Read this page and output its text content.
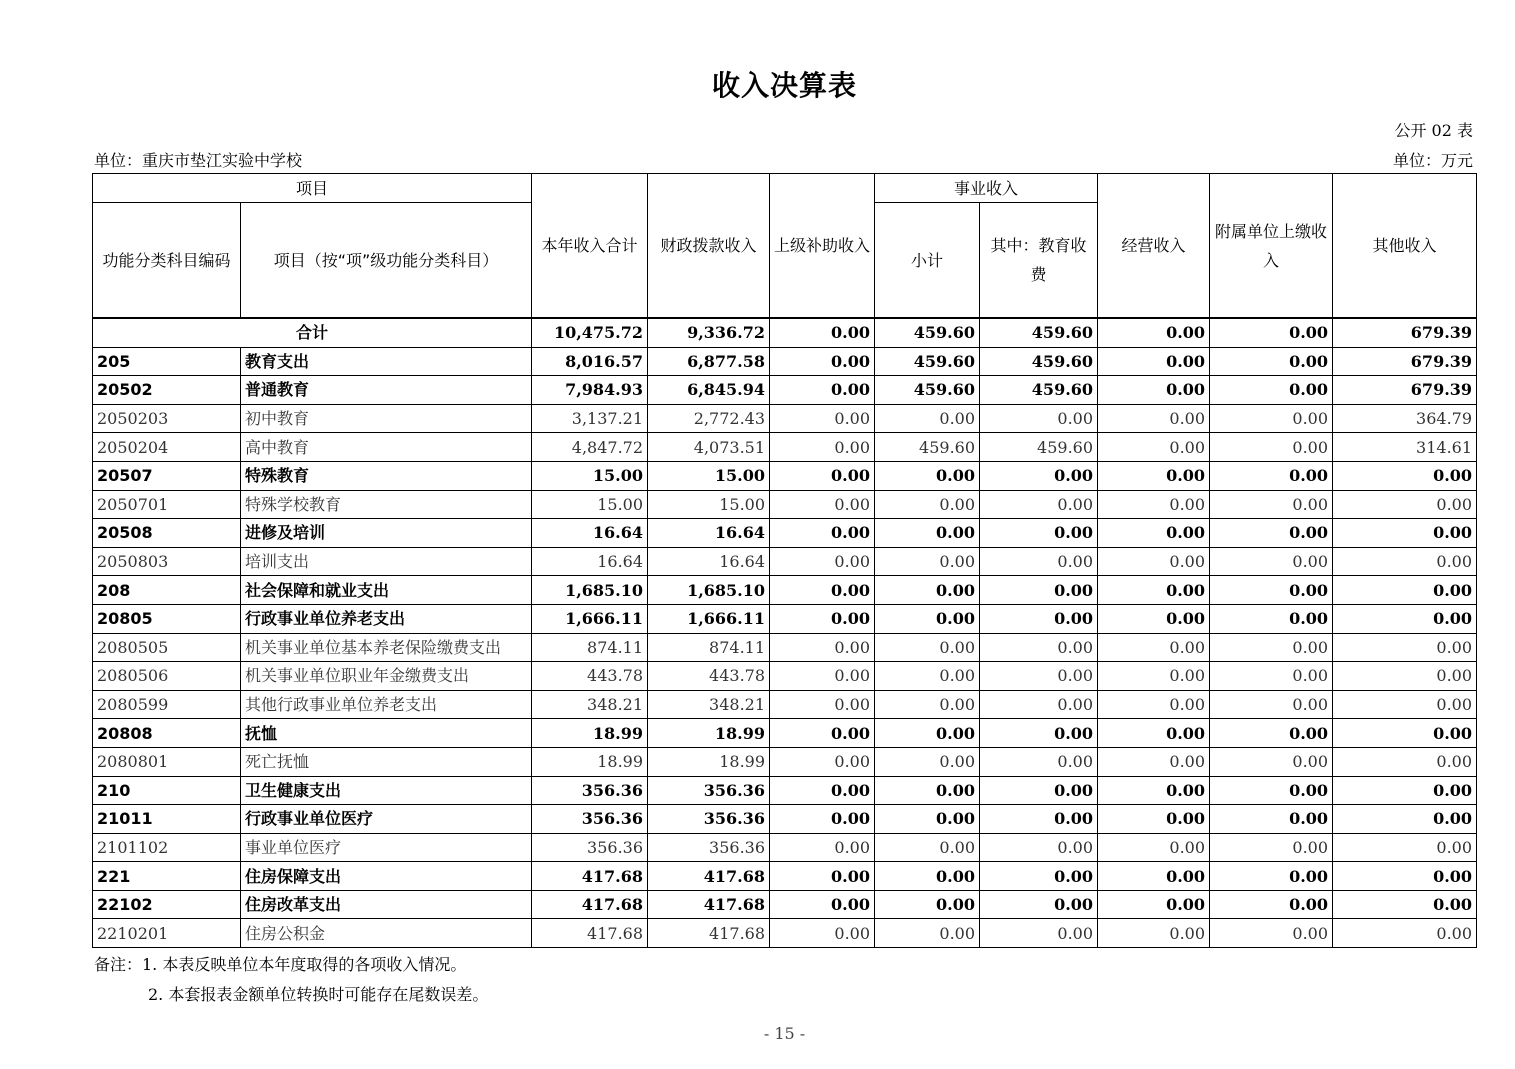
收入决算表
公开 02 表
单位：重庆市垫江实验中学校	单位：万元
项目		本年收入合计	财政拨款收入	上级补助收入	事业收入		经营收入	附属单位上缴收入	其他收入
功能分类科目编码	项目（按“项”级功能分类科目）				小计	其中：教育收费			
合计		10,475.72	9,336.72	0.00	459.60	459.60	0.00	0.00	679.39
205	教育支出	8,016.57	6,877.58	0.00	459.60	459.60	0.00	0.00	679.39
20502	普通教育	7,984.93	6,845.94	0.00	459.60	459.60	0.00	0.00	679.39
2050203	初中教育	3,137.21	2,772.43	0.00	0.00	0.00	0.00	0.00	364.79
2050204	高中教育	4,847.72	4,073.51	0.00	459.60	459.60	0.00	0.00	314.61
20507	特殊教育	15.00	15.00	0.00	0.00	0.00	0.00	0.00	0.00
2050701	特殊学校教育	15.00	15.00	0.00	0.00	0.00	0.00	0.00	0.00
20508	进修及培训	16.64	16.64	0.00	0.00	0.00	0.00	0.00	0.00
2050803	培训支出	16.64	16.64	0.00	0.00	0.00	0.00	0.00	0.00
208	社会保障和就业支出	1,685.10	1,685.10	0.00	0.00	0.00	0.00	0.00	0.00
20805	行政事业单位养老支出	1,666.11	1,666.11	0.00	0.00	0.00	0.00	0.00	0.00
2080505	机关事业单位基本养老保险缴费支出	874.11	874.11	0.00	0.00	0.00	0.00	0.00	0.00
2080506	机关事业单位职业年金缴费支出	443.78	443.78	0.00	0.00	0.00	0.00	0.00	0.00
2080599	其他行政事业单位养老支出	348.21	348.21	0.00	0.00	0.00	0.00	0.00	0.00
20808	抚恤	18.99	18.99	0.00	0.00	0.00	0.00	0.00	0.00
2080801	死亡抚恤	18.99	18.99	0.00	0.00	0.00	0.00	0.00	0.00
210	卫生健康支出	356.36	356.36	0.00	0.00	0.00	0.00	0.00	0.00
21011	行政事业单位医疗	356.36	356.36	0.00	0.00	0.00	0.00	0.00	0.00
2101102	事业单位医疗	356.36	356.36	0.00	0.00	0.00	0.00	0.00	0.00
221	住房保障支出	417.68	417.68	0.00	0.00	0.00	0.00	0.00	0.00
22102	住房改革支出	417.68	417.68	0.00	0.00	0.00	0.00	0.00	0.00
2210201	住房公积金	417.68	417.68	0.00	0.00	0.00	0.00	0.00	0.00
备注：1. 本表反映单位本年度取得的各项收入情况。
2. 本套报表金额单位转换时可能存在尾数误差。
- 15 -
